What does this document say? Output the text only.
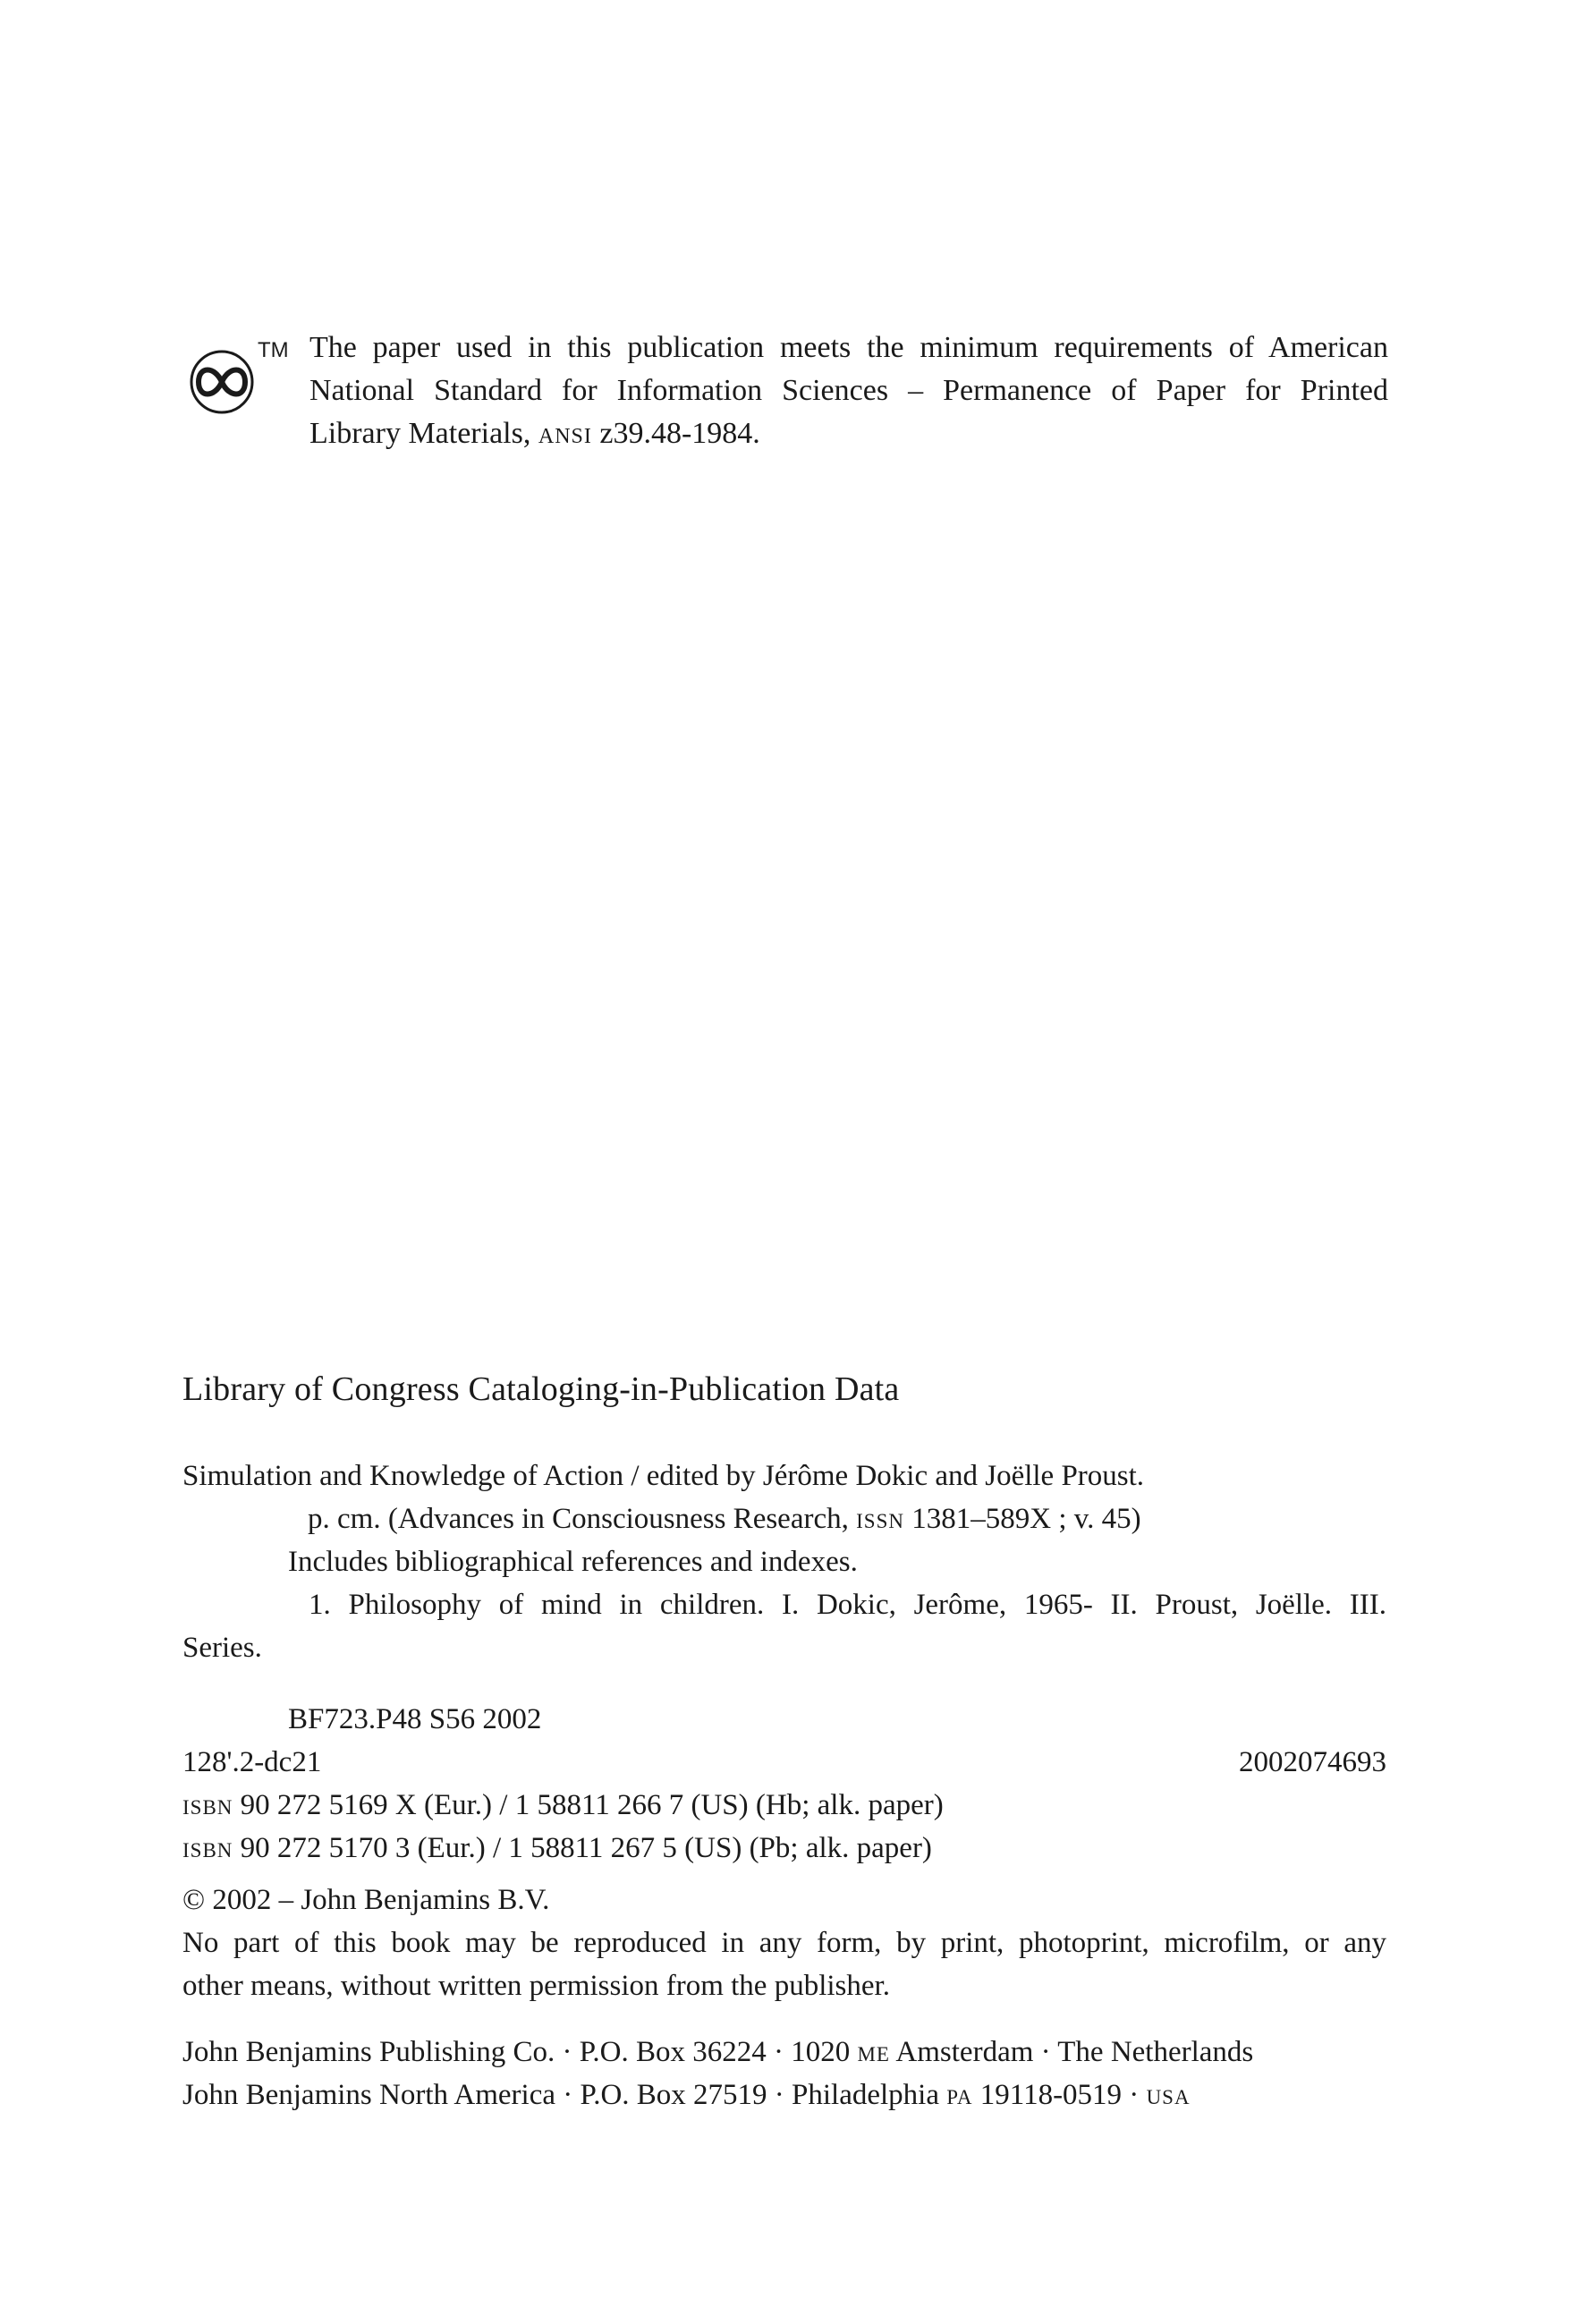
TM The paper used in this publication meets the minimum requirements of American
National Standard for Information Sciences – Permanence of Paper for Printed
Library Materials, ansi z39.48-1984.
Library of Congress Cataloging-in-Publication Data
Simulation and Knowledge of Action / edited by Jérôme Dokic and Joëlle Proust.
p. cm. (Advances in Consciousness Research, issn 1381–589X ; v. 45)
Includes bibliographical references and indexes.
1. Philosophy of mind in children. I. Dokic, Jerôme, 1965- II. Proust, Joëlle. III.
Series.
BF723.P48 S56 2002
128'.2-dc21	2002074693
isbn 90 272 5169 X (Eur.) / 1 58811 266 7 (US) (Hb; alk. paper)
isbn 90 272 5170 3 (Eur.) / 1 58811 267 5 (US) (Pb; alk. paper)
© 2002 – John Benjamins B.V.
No part of this book may be reproduced in any form, by print, photoprint, microfilm, or any
other means, without written permission from the publisher.
John Benjamins Publishing Co. · P.O. Box 36224 · 1020 me Amsterdam · The Netherlands
John Benjamins North America · P.O. Box 27519 · Philadelphia pa 19118-0519 · usa
